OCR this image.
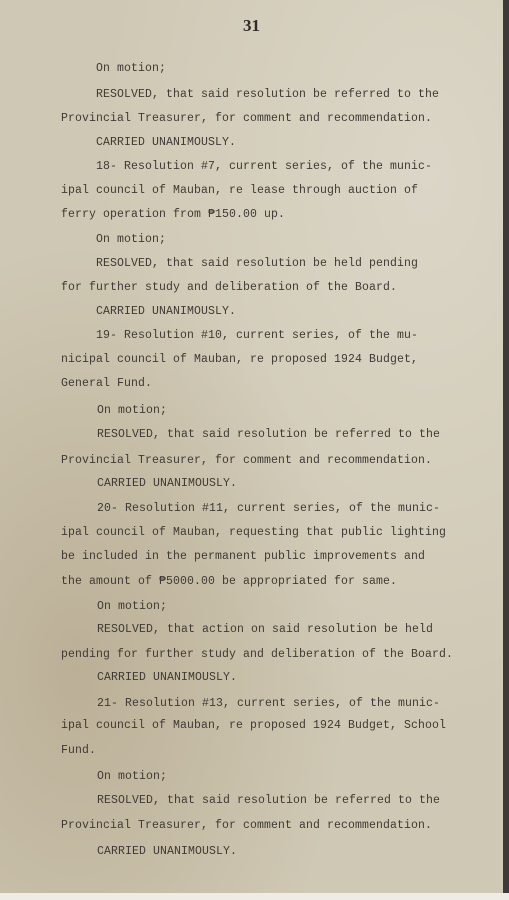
31
On motion;
RESOLVED, that said resolution be referred to the
Provincial Treasurer, for comment and recommendation.
CARRIED UNANIMOUSLY.
18- Resolution #7, current series, of the munic-
ipal council of Mauban, re lease through auction of
ferry operation from ₱150.00 up.
On motion;
RESOLVED, that said resolution be held pending
for further study and deliberation of the Board.
CARRIED UNANIMOUSLY.
19- Resolution #10, current series, of the mu-
nicipal council of Mauban, re proposed 1924 Budget,
General Fund.
On motion;
RESOLVED, that said resolution be referred to the
Provincial Treasurer, for comment and recommendation.
CARRIED UNANIMOUSLY.
20- Resolution #11, current series, of the munic-
ipal council of Mauban, requesting that public lighting
be included in the permanent public improvements and
the amount of ₱5000.00 be appropriated for same.
On motion;
RESOLVED, that action on said resolution be held
pending for further study and deliberation of the Board.
CARRIED UNANIMOUSLY.
21- Resolution #13, current series, of the munic-
ipal council of Mauban, re proposed 1924 Budget, School
Fund.
On motion;
RESOLVED, that said resolution be referred to the
Provincial Treasurer, for comment and recommendation.
CARRIED UNANIMOUSLY.
